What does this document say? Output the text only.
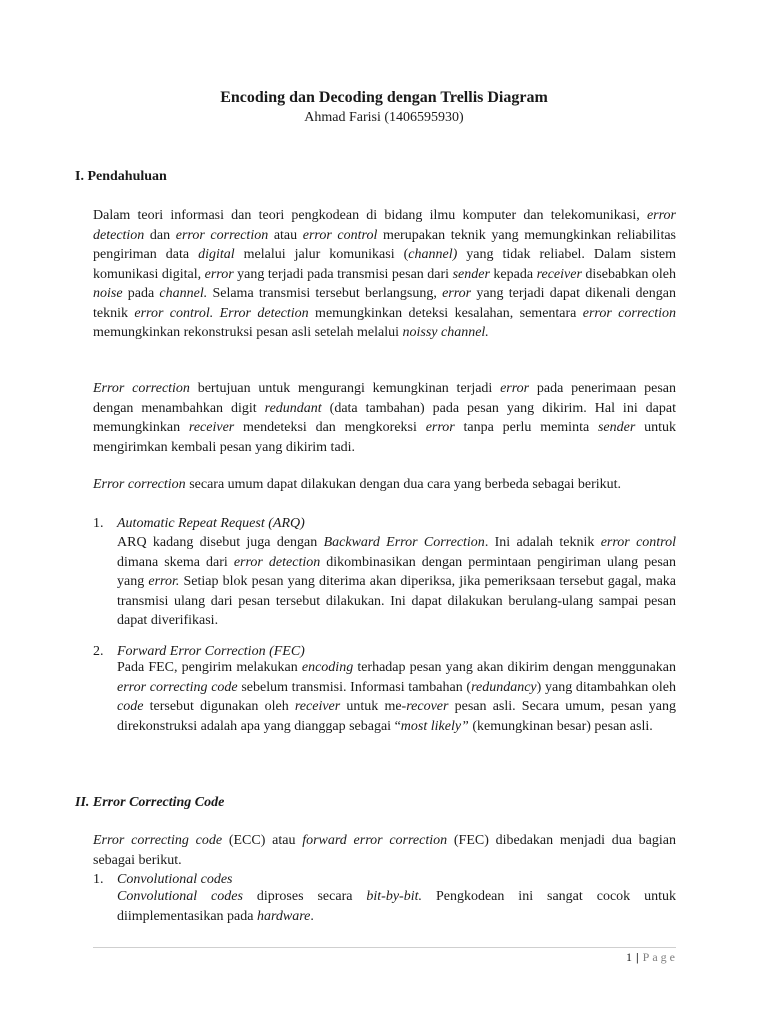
Encoding dan Decoding dengan Trellis Diagram
Ahmad Farisi (1406595930)
I. Pendahuluan
Dalam teori informasi dan teori pengkodean di bidang ilmu komputer dan telekomunikasi, error detection dan error correction atau error control merupakan teknik yang memungkinkan reliabilitas pengiriman data digital melalui jalur komunikasi (channel) yang tidak reliabel. Dalam sistem komunikasi digital, error yang terjadi pada transmisi pesan dari sender kepada receiver disebabkan oleh noise pada channel. Selama transmisi tersebut berlangsung, error yang terjadi dapat dikenali dengan teknik error control. Error detection memungkinkan deteksi kesalahan, sementara error correction memungkinkan rekonstruksi pesan asli setelah melalui noissy channel.
Error correction bertujuan untuk mengurangi kemungkinan terjadi error pada penerimaan pesan dengan menambahkan digit redundant (data tambahan) pada pesan yang dikirim. Hal ini dapat memungkinkan receiver mendeteksi dan mengkoreksi error tanpa perlu meminta sender untuk mengirimkan kembali pesan yang dikirim tadi.
Error correction secara umum dapat dilakukan dengan dua cara yang berbeda sebagai berikut.
1. Automatic Repeat Request (ARQ)
ARQ kadang disebut juga dengan Backward Error Correction. Ini adalah teknik error control dimana skema dari error detection dikombinasikan dengan permintaan pengiriman ulang pesan yang error. Setiap blok pesan yang diterima akan diperiksa, jika pemeriksaan tersebut gagal, maka transmisi ulang dari pesan tersebut dilakukan. Ini dapat dilakukan berulang-ulang sampai pesan dapat diverifikasi.
2. Forward Error Correction (FEC)
Pada FEC, pengirim melakukan encoding terhadap pesan yang akan dikirim dengan menggunakan error correcting code sebelum transmisi. Informasi tambahan (redundancy) yang ditambahkan oleh code tersebut digunakan oleh receiver untuk me-recover pesan asli. Secara umum, pesan yang direkonstruksi adalah apa yang dianggap sebagai “most likely” (kemungkinan besar) pesan asli.
II. Error Correcting Code
Error correcting code (ECC) atau forward error correction (FEC) dibedakan menjadi dua bagian sebagai berikut.
1. Convolutional codes
Convolutional codes diproses secara bit-by-bit. Pengkodean ini sangat cocok untuk diimplementasikan pada hardware.
1 | Page
